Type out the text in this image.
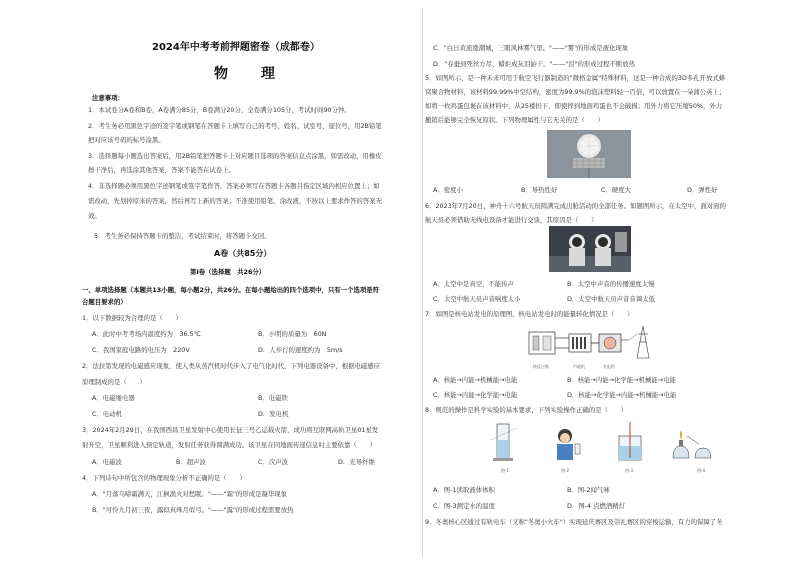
2024年中考考前押题密卷（成都卷）
物 理
注意事项：
1．本试卷分A卷和B卷，A卷满分85分，B卷满分20分，全卷满分105分，考试时间90分钟。
2．考生务必用黑色字迹的签字笔或钢笔在答题卡上填写自己的考号、姓名、试室号、座位号，用2B铅笔
把对应该号码的标号涂黑。
3．选择题每小题选出答案后，用2B铅笔把答题卡上对应题目选项的答案信息点涂黑，如需改动，用橡皮
擦干净后，再选涂其他答案，答案不能答在试卷上。
4．非选择题必须用黑色字迹钢笔或签字笔作答，答案必须写在答题卡各题目指定区域内相应位置上；如
需改动，先划掉原来的答案，然后再写上新的答案；不准使用铅笔、涂改液，不按以上要求作答的答案无
效。
5．考生务必保持答题卡的整洁，考试结束时，将答题卡交回。
A卷（共85分）
第Ⅰ卷（选择题　共26分）
一、单项选择题（本题共13小题，每小题2分，共26分。在每小题给出的四个选项中，只有一个选项是符
合题目要求的）
1．以下数据较为合理的是（　　）
A．此时中考考场内温度约为　36.5℃	B．小明的质量为　60N
C．我国家庭电路的电压为　220V	D．人步行的速度约为　5m/s
2．法拉第发现的电磁感应现象，使人类从蒸汽机时代步入了电气化时代，下列电器设备中，根据电磁感应
原理制成的是（　　）
A．电磁继电器	B．电磁铁
C．电动机	D．发电机
3．2024年2月29日，在我国西昌卫星发射中心使用长征三号乙运载火箭，成功将互联网高轨卫星01星发
射升空，卫星顺利进入预定轨道，发射任务获得圆满成功。该卫星在同地面传递信息时主要依靠（　　）
A．电磁波	B．超声波	C．次声波	D．光导纤维
4．下列诗句中所包含的物理现象分析不正确的是（　　）
A．"月落乌啼霜满天，江枫渔火对愁眠。"——"霜"的形成是凝华现象
B．"可怜九月初三夜，露似真珠月似弓。"——"露"的形成过程需要放热
C．"白日黄流涨潮城，三眼风林雾气里。"——"雾"的形成是液化现象
D．"春蚕到死丝方尽，蜡炬成灰泪始干。"——"泪"的形成过程不断放热
5．如图所示，是一种未来可用于航空飞行器制造的"微格金属"特殊材料，这是一种合成的3D多孔开放式蜂
窝聚合物材料，该材料99.99%中空结构，密度为99.9%的泡沫塑料轻一百倍，可以放置在一朵蒲公英上；
如将一枚鸡蛋包裹在该材料中，从25楼扔下，即使摔到地面鸡蛋也不会破损；用外力将它压缩50%，外力
撤销后能够完全恢复原状。下列物理属性与它无关的是（　　）
A．密度小	B．导热性好	C．硬度大	D．弹性好
6．2023年7月20日，神舟十六号航天员圆满完成出舱活动的全部任务。如题图所示，在太空中，面对面的
航天员必须借助无线电设备才能进行交谈，其原因是（　　）
A．太空中是真空，不能传声	B．太空中声音的传播速度太慢
C．太空中航天员声音响度太小	D．太空中航天员声音音调太低
7．如图是核电站发电的原理图，核电站发电时的能量转化情况是（　　）
核反应堆	汽轮机	发电机
A．核能→内能→机械能→电能	B．核能→内能→化学能→机械能→电能
C．核能→内能→化学能→电能	D．核能→化学能→内能→机械能→电能
8．规范的操作是科学实验的基本要求，下列实验操作正确的是（　　）
图-1	图-2	图-3	图-4
A．图-1读取液体体积	B．图-2闻气味
C．图-3测定水的温度	D．图-4 点燃酒精灯
9．冬奥核心区通过有轨电车（又称"冬奥小火车"）实现延庆赛区及崇礼赛区的穿梭运输，有力的保障了冬
